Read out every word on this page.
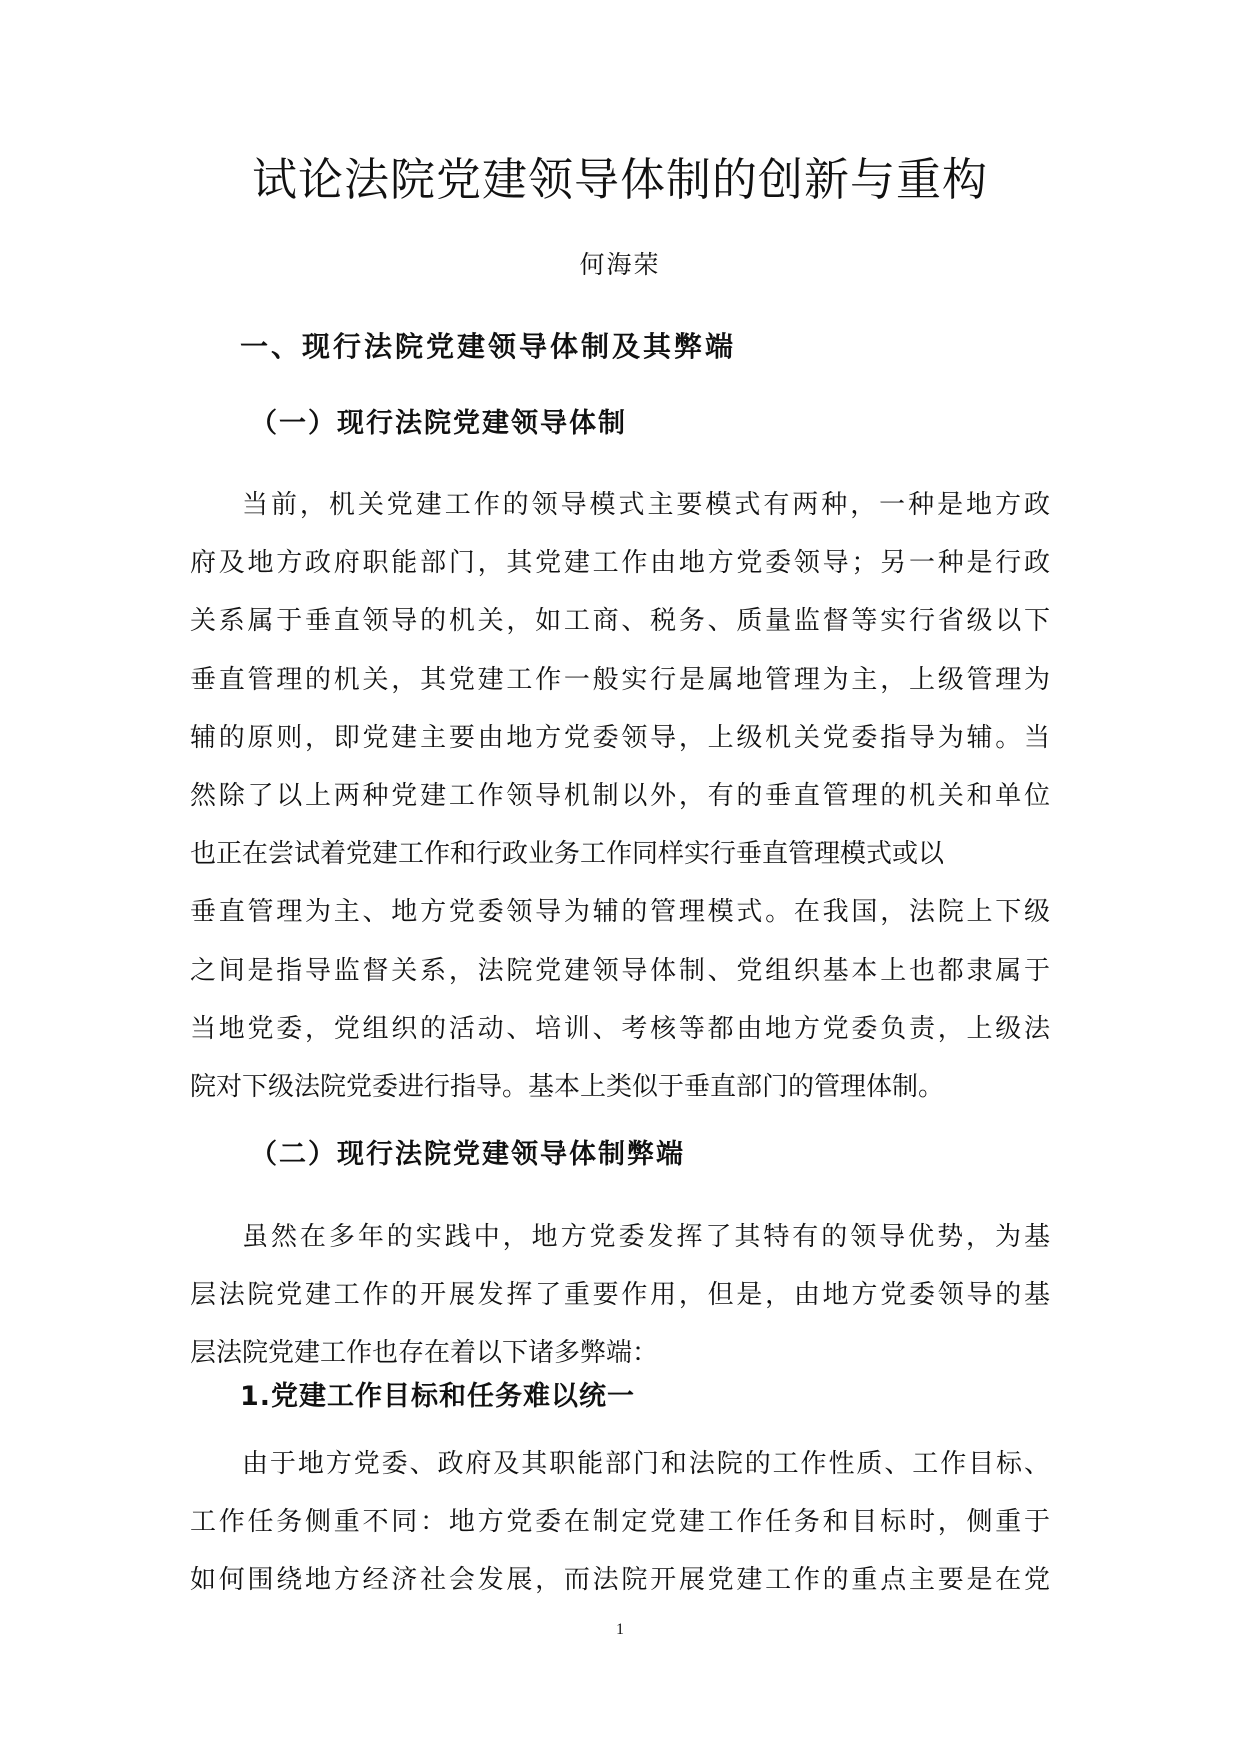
试论法院党建领导体制的创新与重构
何海荣
一、现行法院党建领导体制及其弊端
（一）现行法院党建领导体制
当前，机关党建工作的领导模式主要模式有两种，一种是地方政
府及地方政府职能部门，其党建工作由地方党委领导；另一种是行政
关系属于垂直领导的机关，如工商、税务、质量监督等实行省级以下
垂直管理的机关，其党建工作一般实行是属地管理为主，上级管理为
辅的原则，即党建主要由地方党委领导，上级机关党委指导为辅。当
然除了以上两种党建工作领导机制以外，有的垂直管理的机关和单位
也正在尝试着党建工作和行政业务工作同样实行垂直管理模式或以
垂直管理为主、地方党委领导为辅的管理模式。在我国，法院上下级
之间是指导监督关系，法院党建领导体制、党组织基本上也都隶属于
当地党委，党组织的活动、培训、考核等都由地方党委负责，上级法
院对下级法院党委进行指导。基本上类似于垂直部门的管理体制。
（二）现行法院党建领导体制弊端
虽然在多年的实践中，地方党委发挥了其特有的领导优势，为基
层法院党建工作的开展发挥了重要作用，但是，由地方党委领导的基
层法院党建工作也存在着以下诸多弊端：
1.党建工作目标和任务难以统一
由于地方党委、政府及其职能部门和法院的工作性质、工作目标、
工作任务侧重不同：地方党委在制定党建工作任务和目标时，侧重于
如何围绕地方经济社会发展，而法院开展党建工作的重点主要是在党
1
